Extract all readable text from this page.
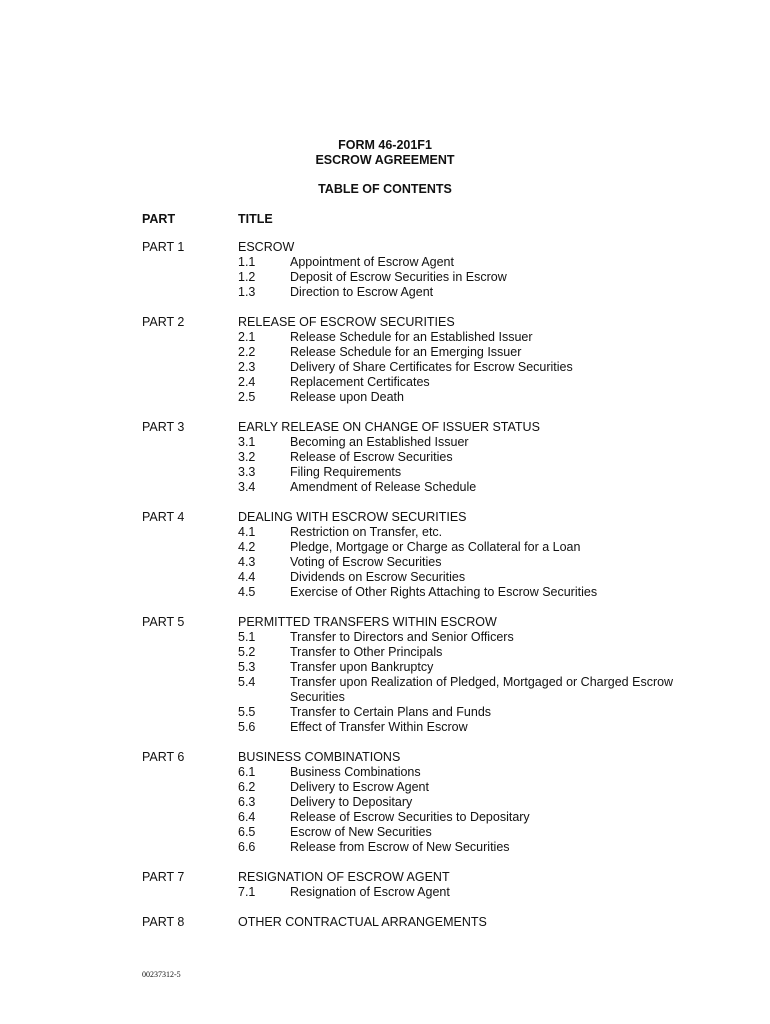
FORM 46-201F1
ESCROW AGREEMENT
TABLE OF CONTENTS
PART	TITLE
PART 1	ESCROW
1.1	Appointment of Escrow Agent
1.2	Deposit of Escrow Securities in Escrow
1.3	Direction to Escrow Agent
PART 2	RELEASE OF ESCROW SECURITIES
2.1	Release Schedule for an Established Issuer
2.2	Release Schedule for an Emerging Issuer
2.3	Delivery of Share Certificates for Escrow Securities
2.4	Replacement Certificates
2.5	Release upon Death
PART 3	EARLY RELEASE ON CHANGE OF ISSUER STATUS
3.1	Becoming an Established Issuer
3.2	Release of Escrow Securities
3.3	Filing Requirements
3.4	Amendment of Release Schedule
PART 4	DEALING WITH ESCROW SECURITIES
4.1	Restriction on Transfer, etc.
4.2	Pledge, Mortgage or Charge as Collateral for a Loan
4.3	Voting of Escrow Securities
4.4	Dividends on Escrow Securities
4.5	Exercise of Other Rights Attaching to Escrow Securities
PART 5	PERMITTED TRANSFERS WITHIN ESCROW
5.1	Transfer to Directors and Senior Officers
5.2	Transfer to Other Principals
5.3	Transfer upon Bankruptcy
5.4	Transfer upon Realization of Pledged, Mortgaged or Charged Escrow Securities
5.5	Transfer to Certain Plans and Funds
5.6	Effect of Transfer Within Escrow
PART 6	BUSINESS COMBINATIONS
6.1	Business Combinations
6.2	Delivery to Escrow Agent
6.3	Delivery to Depositary
6.4	Release of Escrow Securities to Depositary
6.5	Escrow of New Securities
6.6	Release from Escrow of New Securities
PART 7	RESIGNATION OF ESCROW AGENT
7.1	Resignation of Escrow Agent
PART 8	OTHER CONTRACTUAL ARRANGEMENTS
00237312-5
